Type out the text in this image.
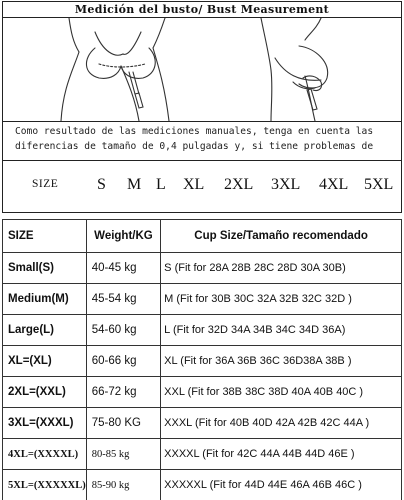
Medición del busto/ Bust Measurement
Como resultado de las mediciones manuales, tenga en cuenta las
diferencias de tamaño de 0,4 pulgadas y, si tiene problemas de
SIZE S M L XL 2XL 3XL 4XL 5XL
SIZE	Weight/KG	Cup Size/Tamaño recomendado
Small(S)	40-45 kg	S (Fit for 28A 28B 28C 28D 30A 30B)
Medium(M)	45-54 kg	M (Fit for 30B 30C 32A 32B 32C 32D )
Large(L)	54-60 kg	L (Fit for 32D 34A 34B 34C 34D 36A)
XL=(XL)	60-66 kg	XL (Fit for 36A 36B 36C 36D38A 38B )
2XL=(XXL)	66-72 kg	XXL (Fit for 38B 38C 38D 40A 40B 40C )
3XL=(XXXL)	75-80 KG	XXXL (Fit for 40B 40D 42A 42B 42C 44A )
4XL=(XXXXL)	80-85 kg	XXXXL (Fit for 42C 44A 44B 44D 46E )
5XL=(XXXXXL)	85-90 kg	XXXXXL (Fit for 44D 44E 46A 46B 46C )
